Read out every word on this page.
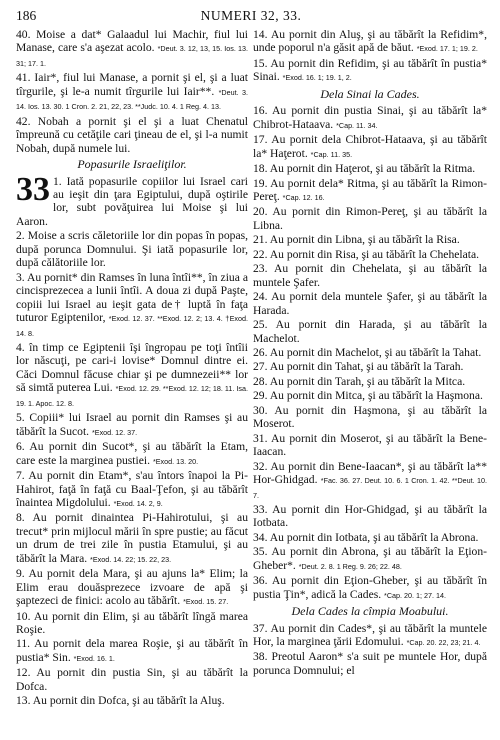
186	NUMERI 32, 33.

40. Moise a dat* Galaadul lui Machir, fiul lui Manase, care s'a aşezat acolo. *Deut. 3. 12, 13, 15. Ios. 13. 31; 17. 1.

41. Iair*, fiul lui Manase, a pornit şi el, şi a luat tîrgurile, şi le-a numit tîrgurile lui Iair**. *Deut. 3. 14. Ios. 13. 30. 1 Cron. 2. 21, 22, 23. **Judc. 10. 4. 1 Reg. 4. 13.

42. Nobah a pornit şi el şi a luat Chenatul împreună cu cetăţile cari ţineau de el, şi l-a numit Nobah, după numele lui.

Popasurile Israeliţilor.

33 1. Iată popasurile copiilor lui Israel cari au ieşit din ţara Egiptului, după oştirile lor, subt povăţuirea lui Moise şi lui Aaron.

2. Moise a scris căletoriile lor din popas în popas, după porunca Domnului. Şi iată popasurile lor, după călătoriile lor.

3. Au pornit* din Ramses în luna întîi**, în ziua a cincisprezecea a lunii întîi. A doua zi după Paşte, copiii lui Israel au ieşit gata de† luptă în faţa tuturor Egiptenilor, *Exod. 12. 37. **Exod. 12. 2; 13. 4. †Exod. 14. 8.

4. în timp ce Egiptenii îşi îngropau pe toţi întîii lor născuţi, pe cari-i lovise* Domnul dintre ei. Căci Domnul făcuse chiar şi pe dumnezeii** lor să simtă puterea Lui. *Exod. 12. 29. **Exod. 12. 12; 18. 11. Isa. 19. 1. Apoc. 12. 8.

5. Copiii* lui Israel au pornit din Ramses şi au tăbărît la Sucot. *Exod. 12. 37.

6. Au pornit din Sucot*, şi au tăbărît la Etam, care este la marginea pustiei. *Exod. 13. 20.

7. Au pornit din Etam*, s'au întors înapoi la Pi-Hahirot, faţă în faţă cu Baal-Ţefon, şi au tăbărît înaintea Migdolului. *Exod. 14. 2, 9.

8. Au pornit dinaintea Pi-Hahirotului, şi au trecut* prin mijlocul mării în spre pustie; au făcut un drum de trei zile în pustia Etamului, şi au tăbărît la Mara. *Exod. 14. 22; 15. 22, 23.

9. Au pornit dela Mara, şi au ajuns la* Elim; la Elim erau douăsprezece izvoare de apă şi şaptezeci de finici: acolo au tăbărît. *Exod. 15. 27.

10. Au pornit din Elim, şi au tăbărît lîngă marea Roşie.

11. Au pornit dela marea Roşie, şi au tăbărît în pustia* Sin. *Exod. 16. 1.

12. Au pornit din pustia Sin, şi au tăbărît la Dofca.

13. Au pornit din Dofca, şi au tăbărît la Aluş.

14. Au pornit din Aluş, şi au tăbărît la Refidim*, unde poporul n'a găsit apă de băut. *Exod. 17. 1; 19. 2.

15. Au pornit din Refidim, şi au tăbărît în pustia* Sinai. *Exod. 16. 1; 19. 1, 2.

Dela Sinai la Cades.

16. Au pornit din pustia Sinai, şi au tăbărît la* Chibrot-Hataava. *Cap. 11. 34.

17. Au pornit dela Chibrot-Hataava, şi au tăbărît la* Haţerot. *Cap. 11. 35.

18. Au pornit din Haţerot, şi au tăbărît la Ritma.

19. Au pornit dela* Ritma, şi au tăbărît la Rimon-Pereţ. *Cap. 12. 16.

20. Au pornit din Rimon-Pereţ, şi au tăbărît la Libna.

21. Au pornit din Libna, şi au tăbărît la Risa.

22. Au pornit din Risa, şi au tăbărît la Chehelata.

23. Au pornit din Chehelata, şi au tăbărît la muntele Şafer.

24. Au pornit dela muntele Şafer, şi au tăbărît la Harada.

25. Au pornit din Harada, şi au tăbărît la Machelot.

26. Au pornit din Machelot, şi au tăbărît la Tahat.

27. Au pornit din Tahat, şi au tăbărît la Tarah.

28. Au pornit din Tarah, şi au tăbărît la Mitca.

29. Au pornit din Mitca, şi au tăbărît la Haşmona.

30. Au pornit din Haşmona, şi au tăbărît la Moserot.

31. Au pornit din Moserot, şi au tăbărît la Bene-Iaacan.

32. Au pornit din Bene-Iaacan*, şi au tăbărît la** Hor-Ghidgad. *Fac. 36. 27. Deut. 10. 6. 1 Cron. 1. 42. **Deut. 10. 7.

33. Au pornit din Hor-Ghidgad, şi au tăbărît la Iotbata.

34. Au pornit din Iotbata, şi au tăbărît la Abrona.

35. Au pornit din Abrona, şi au tăbărît la Eţion-Gheber*. *Deut. 2. 8. 1 Reg. 9. 26; 22. 48.

36. Au pornit din Eţion-Gheber, şi au tăbărît în pustia Ţin*, adică la Cades. *Cap. 20. 1; 27. 14.

Dela Cades la cîmpia Moabului.

37. Au pornit din Cades*, şi au tăbărît la muntele Hor, la marginea ţării Edomului. *Cap. 20. 22, 23; 21. 4.

38. Preotul Aaron* s'a suit pe muntele Hor, după porunca Domnului; el
